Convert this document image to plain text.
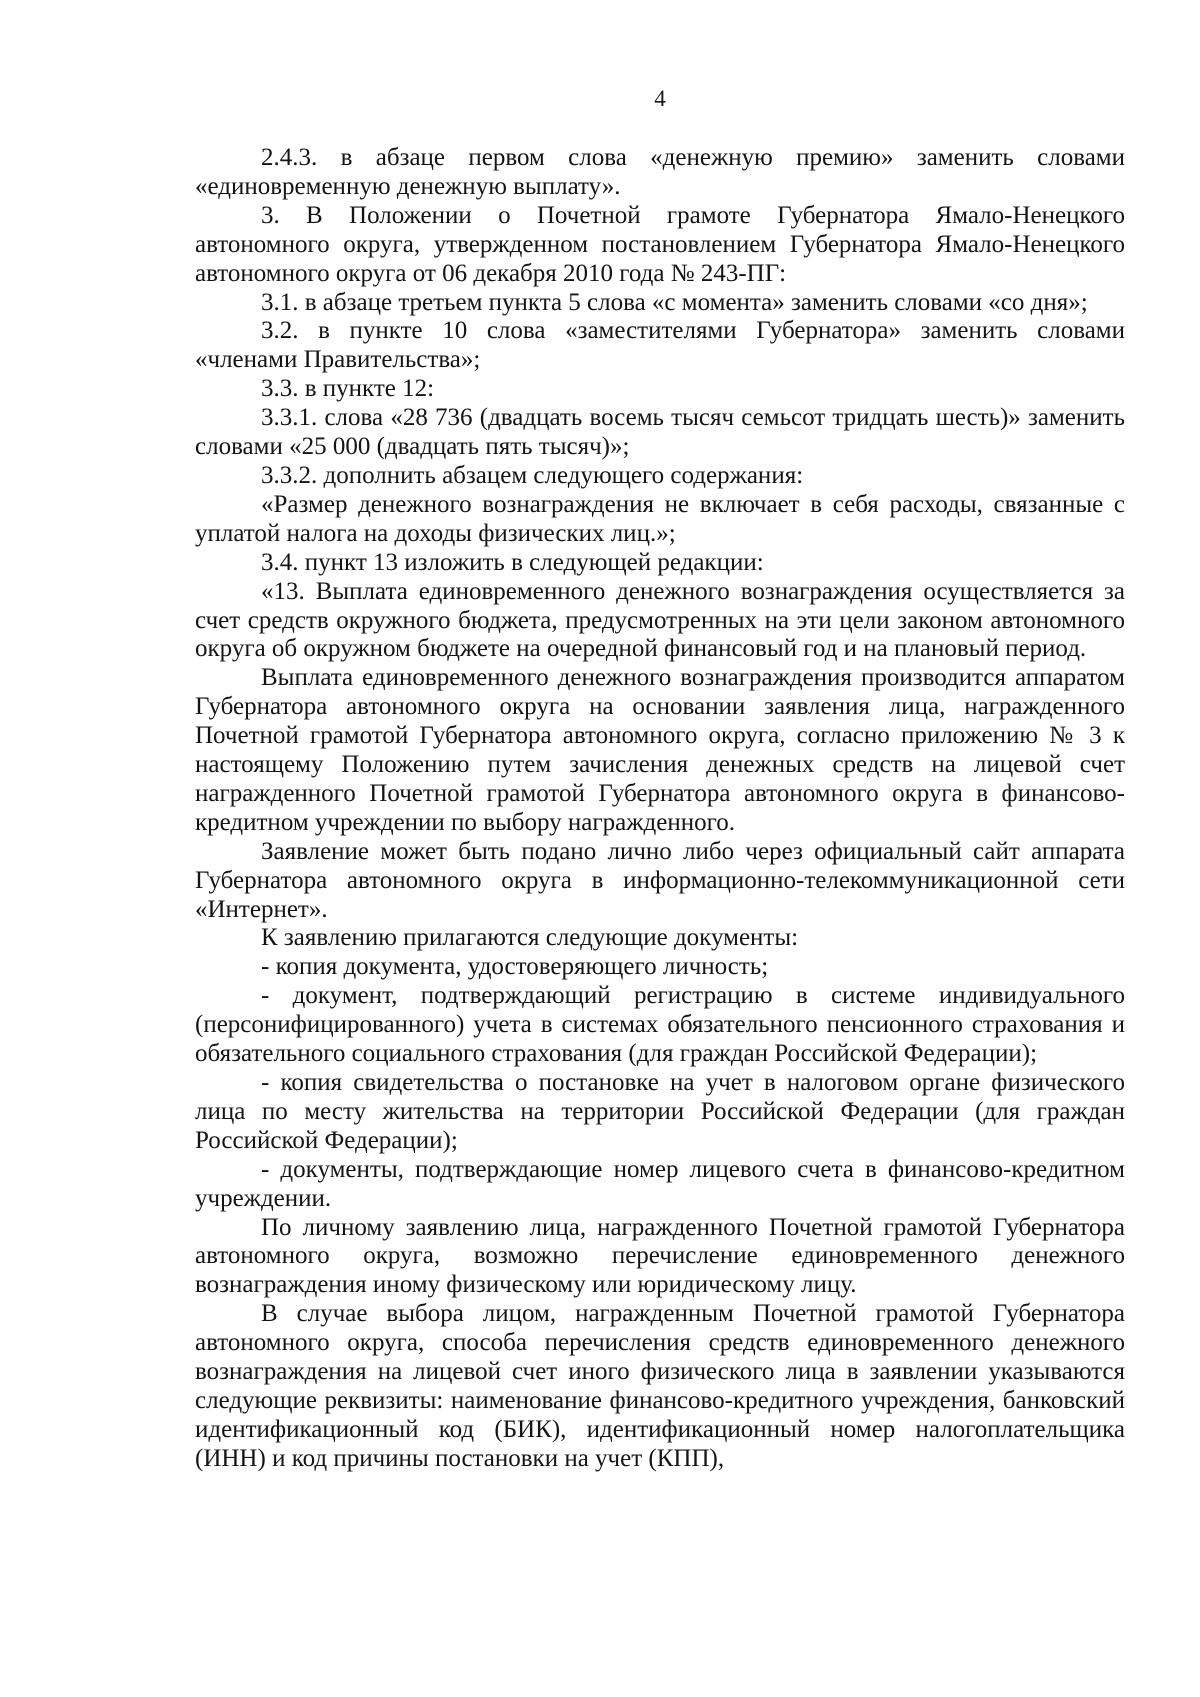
4

2.4.3. в абзаце первом слова «денежную премию» заменить словами «единовременную денежную выплату».

3. В Положении о Почетной грамоте Губернатора Ямало-Ненецкого автономного округа, утвержденном постановлением Губернатора Ямало-Ненецкого автономного округа от 06 декабря 2010 года № 243-ПГ:

3.1. в абзаце третьем пункта 5 слова «с момента» заменить словами «со дня»;

3.2. в пункте 10 слова «заместителями Губернатора» заменить словами «членами Правительства»;

3.3. в пункте 12:

3.3.1. слова «28 736 (двадцать восемь тысяч семьсот тридцать шесть)» заменить словами «25 000 (двадцать пять тысяч)»;

3.3.2. дополнить абзацем следующего содержания:

«Размер денежного вознаграждения не включает в себя расходы, связанные с уплатой налога на доходы физических лиц.»;

3.4. пункт 13 изложить в следующей редакции:

«13. Выплата единовременного денежного вознаграждения осуществляется за счет средств окружного бюджета, предусмотренных на эти цели законом автономного округа об окружном бюджете на очередной финансовый год и на плановый период.

Выплата единовременного денежного вознаграждения производится аппаратом Губернатора автономного округа на основании заявления лица, награжденного Почетной грамотой Губернатора автономного округа, согласно приложению № 3 к настоящему Положению путем зачисления денежных средств на лицевой счет награжденного Почетной грамотой Губернатора автономного округа в финансово-кредитном учреждении по выбору награжденного.

Заявление может быть подано лично либо через официальный сайт аппарата Губернатора автономного округа в информационно-телекоммуникационной сети «Интернет».

К заявлению прилагаются следующие документы:

- копия документа, удостоверяющего личность;

- документ, подтверждающий регистрацию в системе индивидуального (персонифицированного) учета в системах обязательного пенсионного страхования и обязательного социального страхования (для граждан Российской Федерации);

- копия свидетельства о постановке на учет в налоговом органе физического лица по месту жительства на территории Российской Федерации (для граждан Российской Федерации);

- документы, подтверждающие номер лицевого счета в финансово-кредитном учреждении.

По личному заявлению лица, награжденного Почетной грамотой Губернатора автономного округа, возможно перечисление единовременного денежного вознаграждения иному физическому или юридическому лицу.

В случае выбора лицом, награжденным Почетной грамотой Губернатора автономного округа, способа перечисления средств единовременного денежного вознаграждения на лицевой счет иного физического лица в заявлении указываются следующие реквизиты: наименование финансово-кредитного учреждения, банковский идентификационный код (БИК), идентификационный номер налогоплательщика (ИНН) и код причины постановки на учет (КПП),
